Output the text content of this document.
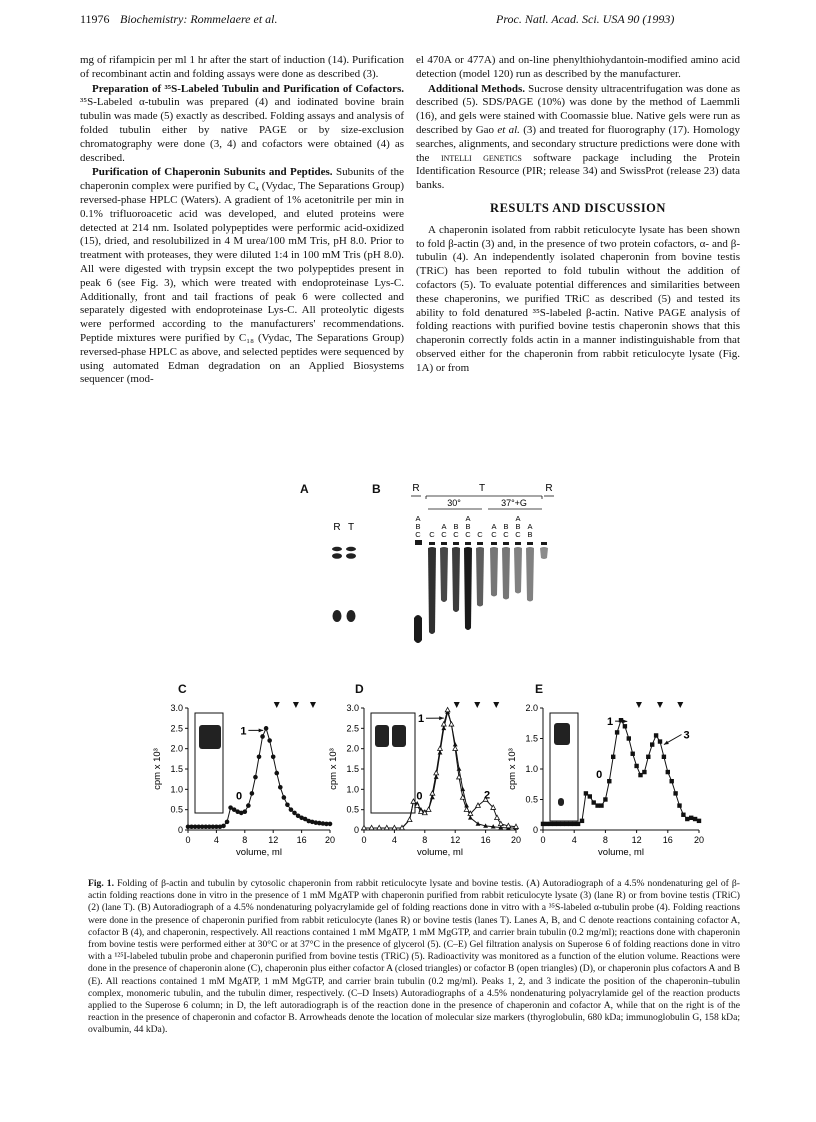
11976 Biochemistry: Rommelaere et al.	Proc. Natl. Acad. Sci. USA 90 (1993)

mg of rifampicin per ml 1 hr after the start of induction (14). Purification of recombinant actin and folding assays were done as described (3).

Preparation of ³⁵S-Labeled Tubulin and Purification of Cofactors. ³⁵S-Labeled α-tubulin was prepared (4) and iodinated bovine brain tubulin was made (5) exactly as described. Folding assays and analysis of folded tubulin either by native PAGE or by size-exclusion chromatography were done (3, 4) and cofactors were obtained (4) as described.

Purification of Chaperonin Subunits and Peptides. Subunits of the chaperonin complex were purified by C₄ (Vydac, The Separations Group) reversed-phase HPLC (Waters). A gradient of 1% acetonitrile per min in 0.1% trifluoroacetic acid was developed, and eluted proteins were detected at 214 nm. Isolated polypeptides were performic acid-oxidized (15), dried, and resolubilized in 4 M urea/100 mM Tris, pH 8.0. Prior to treatment with proteases, they were diluted 1:4 in 100 mM Tris (pH 8.0). All were digested with trypsin except the two polypeptides present in peak 6 (see Fig. 3), which were treated with endoproteinase Lys-C. Additionally, front and tail fractions of peak 6 were collected and separately digested with endoproteinase Lys-C. All proteolytic digests were performed according to the manufacturers' recommendations. Peptide mixtures were purified by C₁₈ (Vydac, The Separations Group) reversed-phase HPLC as above, and selected peptides were sequenced by using automated Edman degradation on an Applied Biosystems sequencer (mod-

el 470A or 477A) and on-line phenylthiohydantoin-modified amino acid detection (model 120) run as described by the manufacturer.

Additional Methods. Sucrose density ultracentrifugation was done as described (5). SDS/PAGE (10%) was done by the method of Laemmli (16), and gels were stained with Coomassie blue. Native gels were run as described by Gao et al. (3) and treated for fluorography (17). Homology searches, alignments, and secondary structure predictions were done with the intelli genetics software package including the Protein Identification Resource (PIR; release 34) and SwissProt (release 23) data banks.

RESULTS AND DISCUSSION

A chaperonin isolated from rabbit reticulocyte lysate has been shown to fold β-actin (3) and, in the presence of two protein cofactors, α- and β-tubulin (4). An independently isolated chaperonin from bovine testis (TRiC) has been reported to fold tubulin without the addition of cofactors (5). To evaluate potential differences and similarities between these chaperonins, we purified TRiC as described (5) and tested its ability to fold denatured ³⁵S-labeled β-actin. Native PAGE analysis of folding reactions with purified bovine testis chaperonin shows that this chaperonin correctly folds actin in a manner indistinguishable from that observed either for the chaperonin from rabbit reticulocyte lysate (Fig. 1A) or from

A
R T
B	R	T	R
30°	37°+G
A
B
C C
A
C
B
C
A
B
C C
A
C
B
C
A
B
C
A
B
C	D	E
0
0.5
1.0
1.5
2.0
2.5
3.0
0	4	8 12 16 20
volume, ml
cpm x 10³
0
1
0
0.5
1.0
1.5
2.0
2.5
3.0
0	4	8	12 16 20
volume, ml
cpm x 10³
0	2
1
0
0.5
1.0
1.5
2.0
0	4	8	12 16 20
volume, ml
cpm x 10³	0
1
3
Fig. 1. Folding of β-actin and tubulin by cytosolic chaperonin from rabbit reticulocyte lysate and bovine testis. (A) Autoradiograph of a 4.5% nondenaturing gel of β-actin folding reactions done in vitro in the presence of 1 mM MgATP with chaperonin purified from rabbit reticulocyte lysate (3) (lane R) or from bovine testis (TRiC) (2) (lane T). (B) Autoradiograph of a 4.5% nondenaturing polyacrylamide gel of folding reactions done in vitro with a ³⁵S-labeled α-tubulin probe (4). Folding reactions were done in the presence of chaperonin purified from rabbit reticulocyte (lanes R) or bovine testis (lanes T). Lanes A, B, and C denote reactions containing cofactor A, cofactor B (4), and chaperonin, respectively. All reactions contained 1 mM MgATP, 1 mM MgGTP, and carrier brain tubulin (0.2 mg/ml); reactions done with chaperonin from bovine testis were performed either at 30°C or at 37°C in the presence of glycerol (5). (C–E) Gel filtration analysis on Superose 6 of folding reactions done in vitro with a ¹²⁵I-labeled tubulin probe and chaperonin purified from bovine testis (TRiC) (5). Radioactivity was monitored as a function of the elution volume. Reactions were done in the presence of chaperonin alone (C), chaperonin plus either cofactor A (closed triangles) or cofactor B (open triangles) (D), or chaperonin plus cofactors A and B (E). All reactions contained 1 mM MgATP, 1 mM MgGTP, and carrier brain tubulin (0.2 mg/ml). Peaks 1, 2, and 3 indicate the position of the chaperonin–tubulin complex, monomeric tubulin, and the tubulin dimer, respectively. (C–D Insets) Autoradiographs of a 4.5% nondenaturing polyacrylamide gel of the reaction products applied to the Superose 6 column; in D, the left autoradiograph is of the reaction done in the presence of chaperonin and cofactor A, while that on the right is of the reaction in the presence of chaperonin and cofactor B. Arrowheads denote the location of molecular size markers (thyroglobulin, 680 kDa; immunoglobulin G, 158 kDa; ovalbumin, 44 kDa).
